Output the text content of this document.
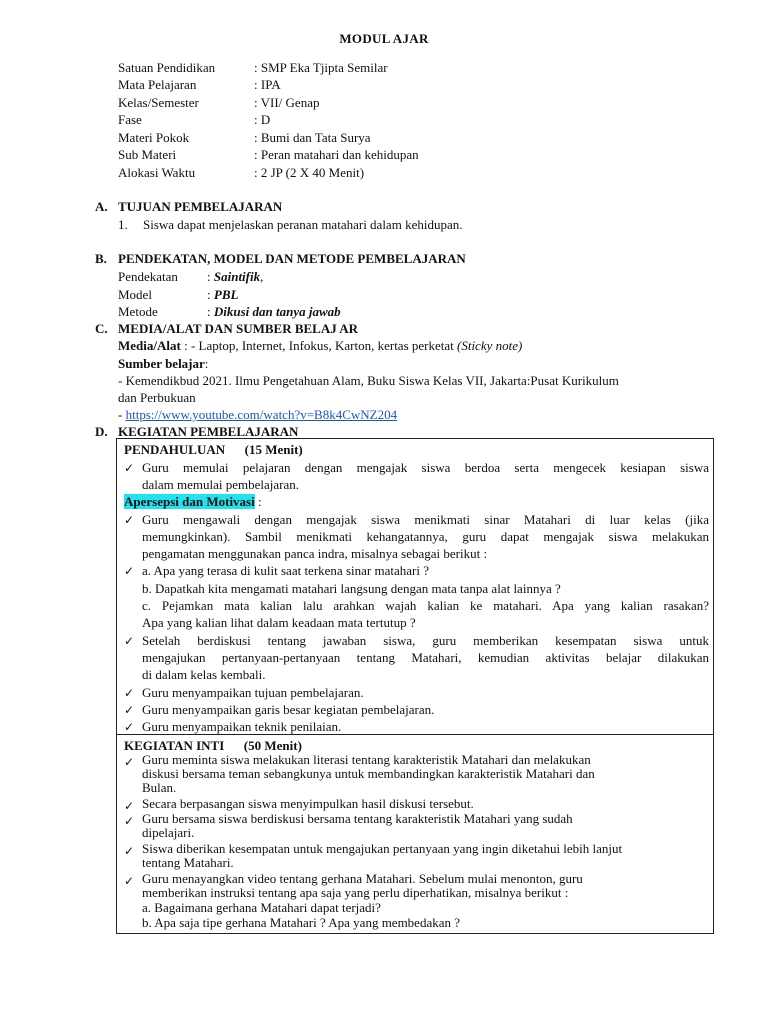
MODUL AJAR
Satuan Pendidikan	: SMP Eka Tjipta Semilar
Mata Pelajaran	: IPA
Kelas/Semester	: VII/ Genap
Fase	: D
Materi Pokok	: Bumi dan Tata Surya
Sub Materi	: Peran matahari dan kehidupan
Alokasi Waktu	: 2 JP (2 X 40 Menit)
A. TUJUAN PEMBELAJARAN
1. Siswa dapat menjelaskan peranan matahari dalam kehidupan.
B. PENDEKATAN, MODEL DAN METODE PEMBELAJARAN
Pendekatan : Saintifik,
Model	: PBL
Metode	: Dikusi dan tanya jawab
C. MEDIA/ALAT DAN SUMBER BELAJ AR
Media/Alat : - Laptop, Internet, Infokus, Karton, kertas perketat (Sticky note)
Sumber belajar:
- Kemendikbud 2021. Ilmu Pengetahuan Alam, Buku Siswa Kelas VII, Jakarta:Pusat Kurikulum
dan Perbukuan
- https://www.youtube.com/watch?v=B8k4CwNZ204
D. KEGIATAN PEMBELAJARAN
PENDAHULUAN      (15 Menit)
✓ Guru memulai pelajaran dengan mengajak siswa berdoa serta mengecek kesiapan siswa
dalam memulai pembelajaran.
Apersepsi dan Motivasi :
✓ Guru mengawali dengan mengajak siswa menikmati sinar Matahari di luar kelas (jika
memungkinkan). Sambil menikmati kehangatannya, guru dapat mengajak siswa melakukan
pengamatan menggunakan panca indra, misalnya sebagai berikut :
✓ a. Apa yang terasa di kulit saat terkena sinar matahari ?
b. Dapatkah kita mengamati matahari langsung dengan mata tanpa alat lainnya ?
c. Pejamkan mata kalian lalu arahkan wajah kalian ke matahari. Apa yang kalian rasakan?
Apa yang kalian lihat dalam keadaan mata tertutup ?
✓ Setelah berdiskusi tentang jawaban siswa, guru memberikan kesempatan siswa untuk
mengajukan pertanyaan-pertanyaan tentang Matahari, kemudian aktivitas belajar dilakukan
di dalam kelas kembali.
✓ Guru menyampaikan tujuan pembelajaran.
✓ Guru menyampaikan garis besar kegiatan pembelajaran.
✓ Guru menyampaikan teknik penilaian.
KEGIATAN INTI      (50 Menit)
✓ Guru meminta siswa melakukan literasi tentang karakteristik Matahari dan melakukan
diskusi bersama teman sebangkunya untuk membandingkan karakteristik Matahari dan
Bulan.
✓ Secara berpasangan siswa menyimpulkan hasil diskusi tersebut.
✓ Guru bersama siswa berdiskusi bersama tentang karakteristik Matahari yang sudah
dipelajari.
✓ Siswa diberikan kesempatan untuk mengajukan pertanyaan yang ingin diketahui lebih lanjut
tentang Matahari.
✓ Guru menayangkan video tentang gerhana Matahari. Sebelum mulai menonton, guru
memberikan instruksi tentang apa saja yang perlu diperhatikan, misalnya berikut :
a. Bagaimana gerhana Matahari dapat terjadi?
b. Apa saja tipe gerhana Matahari ? Apa yang membedakan ?
